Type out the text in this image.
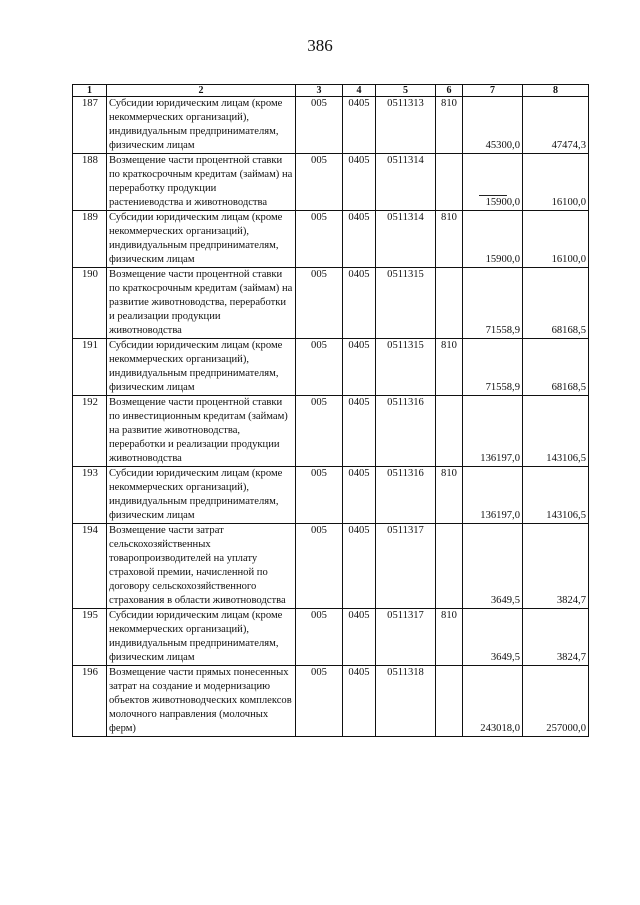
386
1	2	3	4	5	6	7	8
187	Субсидии юридическим лицам (кроме некоммерческих организаций), индивидуальным предпринимателям, физическим лицам	005	0405	0511313	810	45300,0	47474,3
188	Возмещение части процентной ставки по краткосрочным кредитам (займам) на переработку продукции растениеводства и животноводства	005	0405	0511314		15900,0	16100,0
189	Субсидии юридическим лицам (кроме некоммерческих организаций), индивидуальным предпринимателям, физическим лицам	005	0405	0511314	810	15900,0	16100,0
190	Возмещение части процентной ставки по краткосрочным кредитам (займам) на развитие животноводства, переработки и реализации продукции животноводства	005	0405	0511315		71558,9	68168,5
191	Субсидии юридическим лицам (кроме некоммерческих организаций), индивидуальным предпринимателям, физическим лицам	005	0405	0511315	810	71558,9	68168,5
192	Возмещение части процентной ставки по инвестиционным кредитам (займам) на развитие животноводства, переработки и реализации продукции животноводства	005	0405	0511316		136197,0	143106,5
193	Субсидии юридическим лицам (кроме некоммерческих организаций), индивидуальным предпринимателям, физическим лицам	005	0405	0511316	810	136197,0	143106,5
194	Возмещение части затрат сельскохозяйственных товаропроизводителей на уплату страховой премии, начисленной по договору сельскохозяйственного страхования в области животноводства	005	0405	0511317		3649,5	3824,7
195	Субсидии юридическим лицам (кроме некоммерческих организаций), индивидуальным предпринимателям, физическим лицам	005	0405	0511317	810	3649,5	3824,7
196	Возмещение части прямых понесенных затрат на создание и модернизацию объектов животноводческих комплексов молочного направления (молочных ферм)	005	0405	0511318		243018,0	257000,0
